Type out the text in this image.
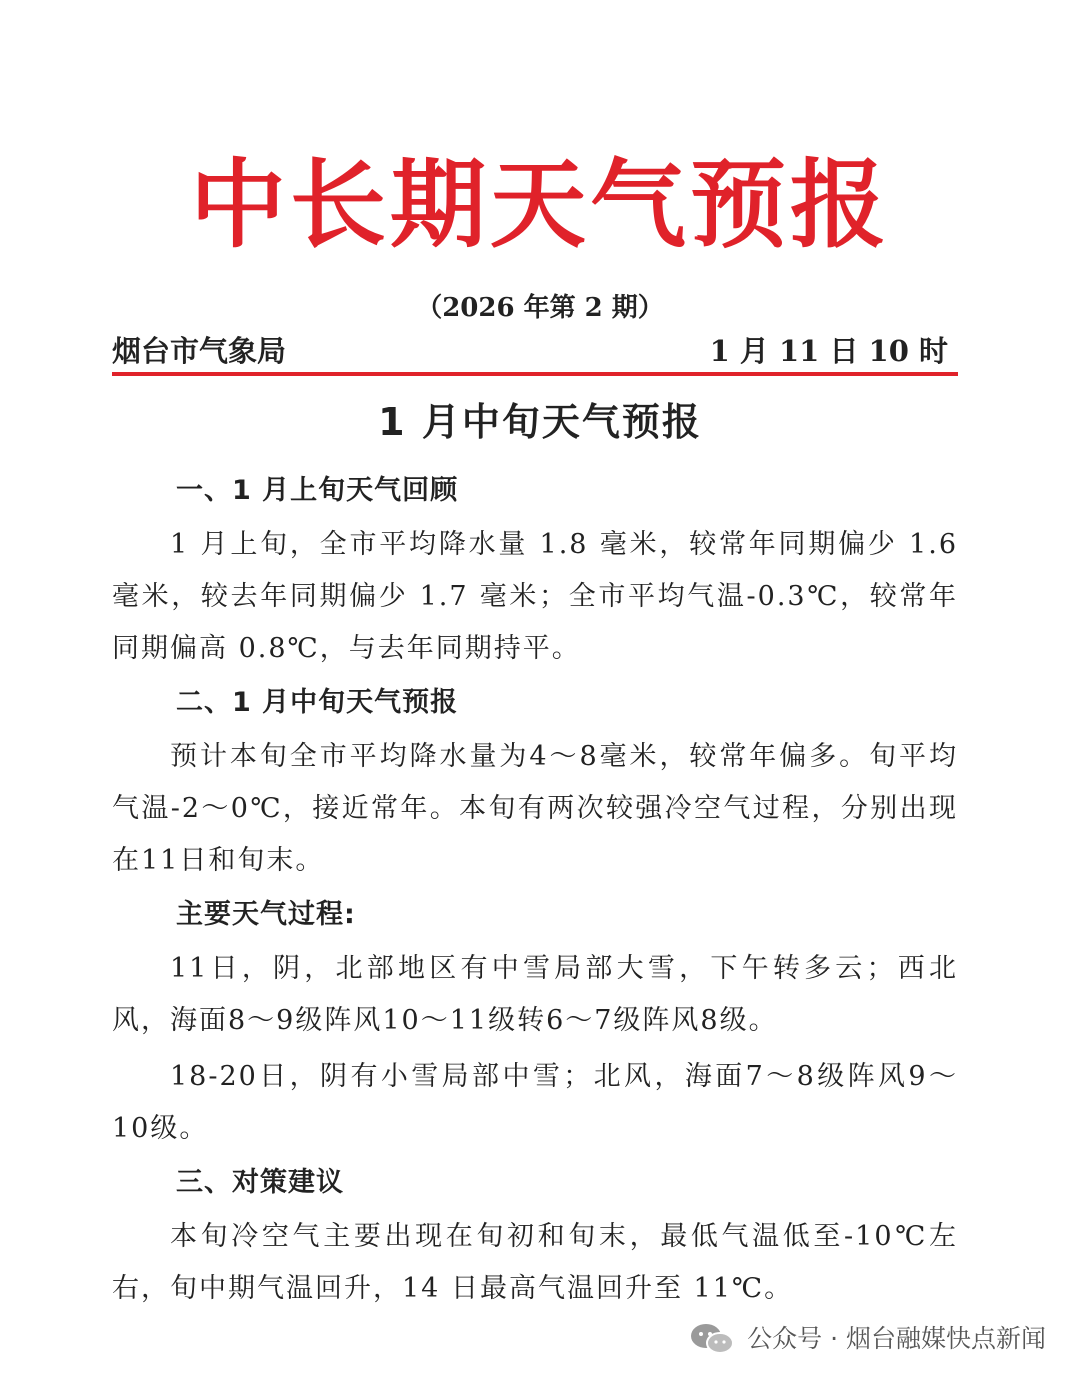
中长期天气预报
（2026 年第 2 期）
烟台市气象局	1 月 11 日 10 时
1 月中旬天气预报

一、1 月上旬天气回顾

1 月上旬，全市平均降水量 1.8 毫米，较常年同期偏少 1.6 毫米，较去年同期偏少 1.7 毫米；全市平均气温-0.3℃，较常年同期偏高 0.8℃，与去年同期持平。

二、1 月中旬天气预报

预计本旬全市平均降水量为4～8毫米，较常年偏多。旬平均气温-2～0℃，接近常年。本旬有两次较强冷空气过程，分别出现在11日和旬末。

主要天气过程:

11日，阴，北部地区有中雪局部大雪，下午转多云；西北风，海面8～9级阵风10～11级转6～7级阵风8级。

18-20日，阴有小雪局部中雪；北风，海面7～8级阵风9～10级。

三、对策建议

本旬冷空气主要出现在旬初和旬末，最低气温低至-10℃左右，旬中期气温回升，14 日最高气温回升至 11℃。

公众号 · 烟台融媒快点新闻
